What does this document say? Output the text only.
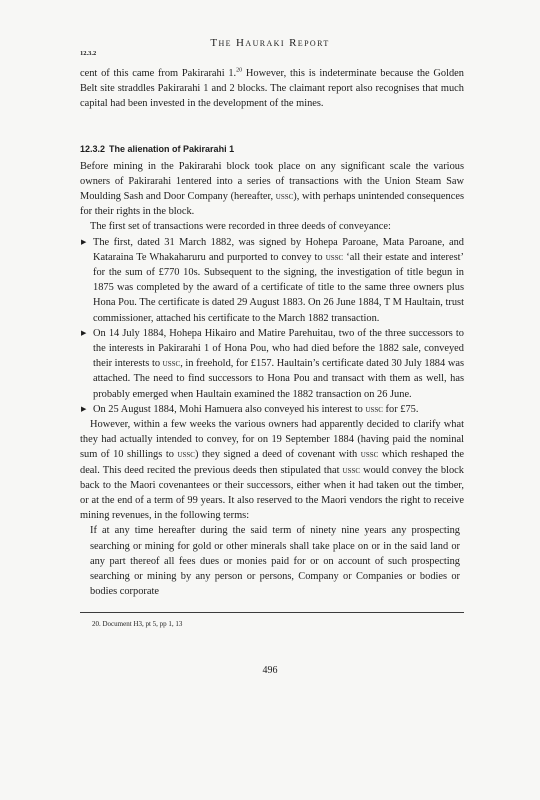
The Hauraki Report
12.3.2

cent of this came from Pakirarahi 1.20 However, this is indeterminate because the Golden Belt site straddles Pakirarahi 1 and 2 blocks. The claimant report also recognises that much capital had been invested in the development of the mines.

12.3.2 The alienation of Pakirarahi 1

Before mining in the Pakirarahi block took place on any significant scale the various owners of Pakirarahi 1entered into a series of transactions with the Union Steam Saw Moulding Sash and Door Company (hereafter, ussc), with perhaps unintended consequences for their rights in the block.

The first set of transactions were recorded in three deeds of conveyance:

▶ The first, dated 31 March 1882, was signed by Hohepa Paroane, Mata Paroane, and Kataraina Te Whakaharuru and purported to convey to ussc ‘all their estate and interest’ for the sum of £770 10s. Subsequent to the signing, the investigation of title begun in 1875 was completed by the award of a certificate of title to the same three owners plus Hona Pou. The certificate is dated 29 August 1883. On 26 June 1884, T M Haultain, trust commissioner, attached his certificate to the March 1882 transaction.
▶ On 14 July 1884, Hohepa Hikairo and Matire Parehuitau, two of the three successors to the interests in Pakirarahi 1 of Hona Pou, who had died before the 1882 sale, conveyed their interests to ussc, in freehold, for £157. Haultain’s certificate dated 30 July 1884 was attached. The need to find successors to Hona Pou and transact with them as well, has probably emerged when Haultain examined the 1882 transaction on 26 June.
▶ On 25 August 1884, Mohi Hamuera also conveyed his interest to ussc for £75.

However, within a few weeks the various owners had apparently decided to clarify what they had actually intended to convey, for on 19 September 1884 (having paid the nominal sum of 10 shillings to ussc) they signed a deed of covenant with ussc which reshaped the deal. This deed recited the previous deeds then stipulated that ussc would convey the block back to the Maori covenantees or their successors, either when it had taken out the timber, or at the end of a term of 99 years. It also reserved to the Maori vendors the right to receive mining revenues, in the following terms:

If at any time hereafter during the said term of ninety nine years any prospecting searching or mining for gold or other minerals shall take place on or in the said land or any part thereof all fees dues or monies paid for or on account of such prospecting searching or mining by any person or persons, Company or Companies or bodies or bodies corporate

20. Document H3, pt 5, pp 1, 13
496
